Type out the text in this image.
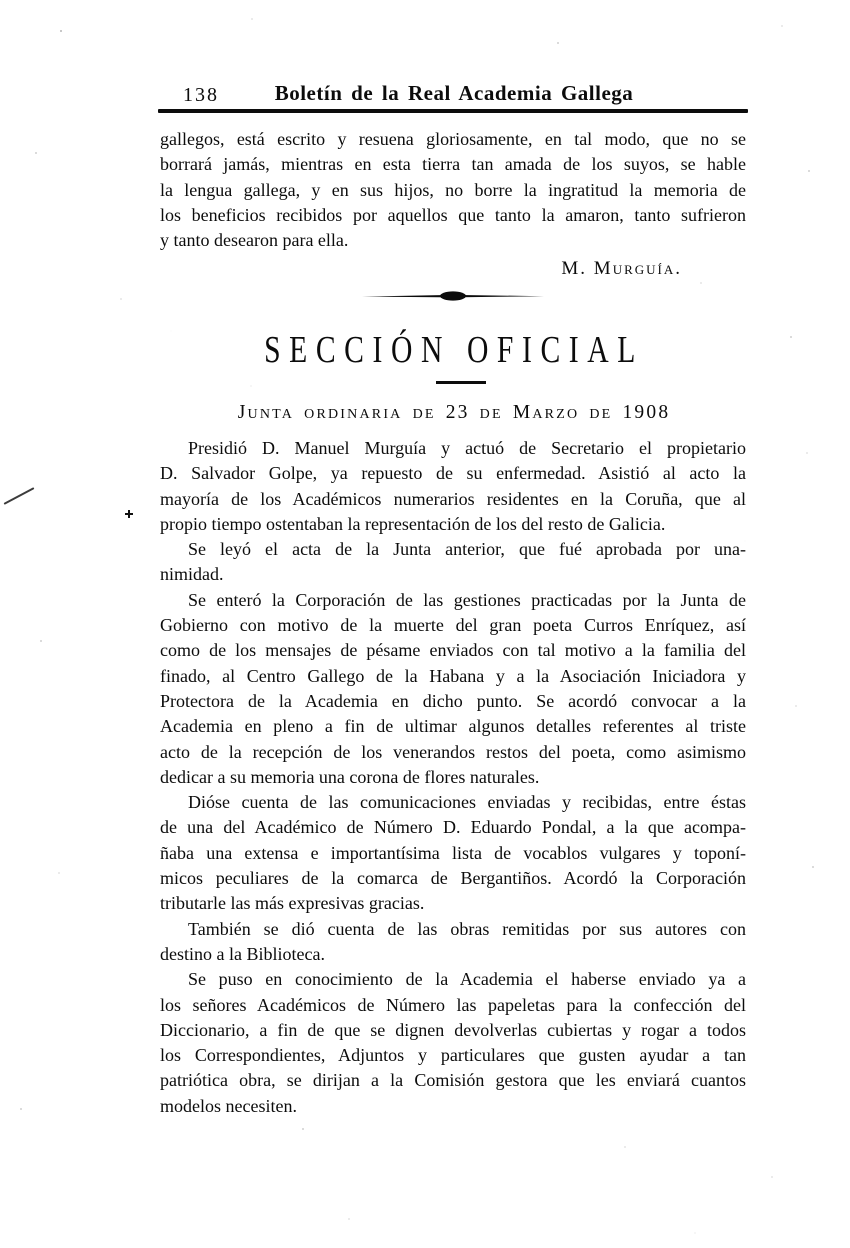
138	Boletín de la Real Academia Gallega
gallegos, está escrito y resuena gloriosamente, en tal modo, que no se
borrará jamás, mientras en esta tierra tan amada de los suyos, se hable
la lengua gallega, y en sus hijos, no borre la ingratitud la memoria de
los beneficios recibidos por aquellos que tanto la amaron, tanto sufrieron
y tanto desearon para ella.
M. Murguía.
SECCIÓN OFICIAL
Junta ordinaria de 23 de Marzo de 1908
Presidió D. Manuel Murguía y actuó de Secretario el propietario
D. Salvador Golpe, ya repuesto de su enfermedad. Asistió al acto la
mayoría de los Académicos numerarios residentes en la Coruña, que al
propio tiempo ostentaban la representación de los del resto de Galicia.
Se leyó el acta de la Junta anterior, que fué aprobada por una-
nimidad.
Se enteró la Corporación de las gestiones practicadas por la Junta de
Gobierno con motivo de la muerte del gran poeta Curros Enríquez, así
como de los mensajes de pésame enviados con tal motivo a la familia del
finado, al Centro Gallego de la Habana y a la Asociación Iniciadora y
Protectora de la Academia en dicho punto. Se acordó convocar a la
Academia en pleno a fin de ultimar algunos detalles referentes al triste
acto de la recepción de los venerandos restos del poeta, como asimismo
dedicar a su memoria una corona de flores naturales.
Dióse cuenta de las comunicaciones enviadas y recibidas, entre éstas
de una del Académico de Número D. Eduardo Pondal, a la que acompa-
ñaba una extensa e importantísima lista de vocablos vulgares y toponí-
micos peculiares de la comarca de Bergantiños. Acordó la Corporación
tributarle las más expresivas gracias.
También se dió cuenta de las obras remitidas por sus autores con
destino a la Biblioteca.
Se puso en conocimiento de la Academia el haberse enviado ya a
los señores Académicos de Número las papeletas para la confección del
Diccionario, a fin de que se dignen devolverlas cubiertas y rogar a todos
los Correspondientes, Adjuntos y particulares que gusten ayudar a tan
patriótica obra, se dirijan a la Comisión gestora que les enviará cuantos
modelos necesiten.
